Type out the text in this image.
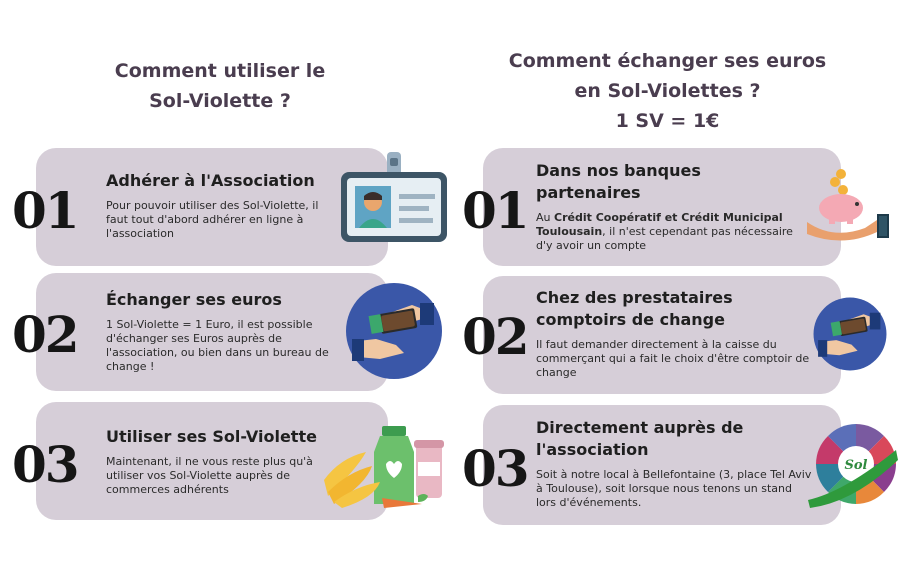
Comment utiliser le
Sol-Violette ?
Comment échanger ses euros
en Sol-Violettes ?
1 SV = 1€
01
Adhérer à l'Association
Pour pouvoir utiliser des Sol-Violette, il faut tout d'abord adhérer en ligne à l'association
02
Échanger ses euros
1 Sol-Violette = 1 Euro, il est possible d'échanger ses Euros auprès de l'association, ou bien dans un bureau de change !
03 Utiliser ses Sol-Violette
Maintenant, il ne vous reste plus qu'à utiliser vos Sol-Violette auprès de commerces adhérents
01
Dans nos banques partenaires
Au Crédit Coopératif et Crédit Municipal Toulousain, il n'est cependant pas nécessaire d'y avoir un compte
02
Chez des prestataires comptoirs de change
Il faut demander directement à la caisse du commerçant qui a fait le choix d'être comptoir de change
03
Directement auprès de l'association
Soit à notre local à Bellefontaine (3, place Tel Aviv à Toulouse), soit lorsque nous tenons un stand lors d'événements.
Sol
